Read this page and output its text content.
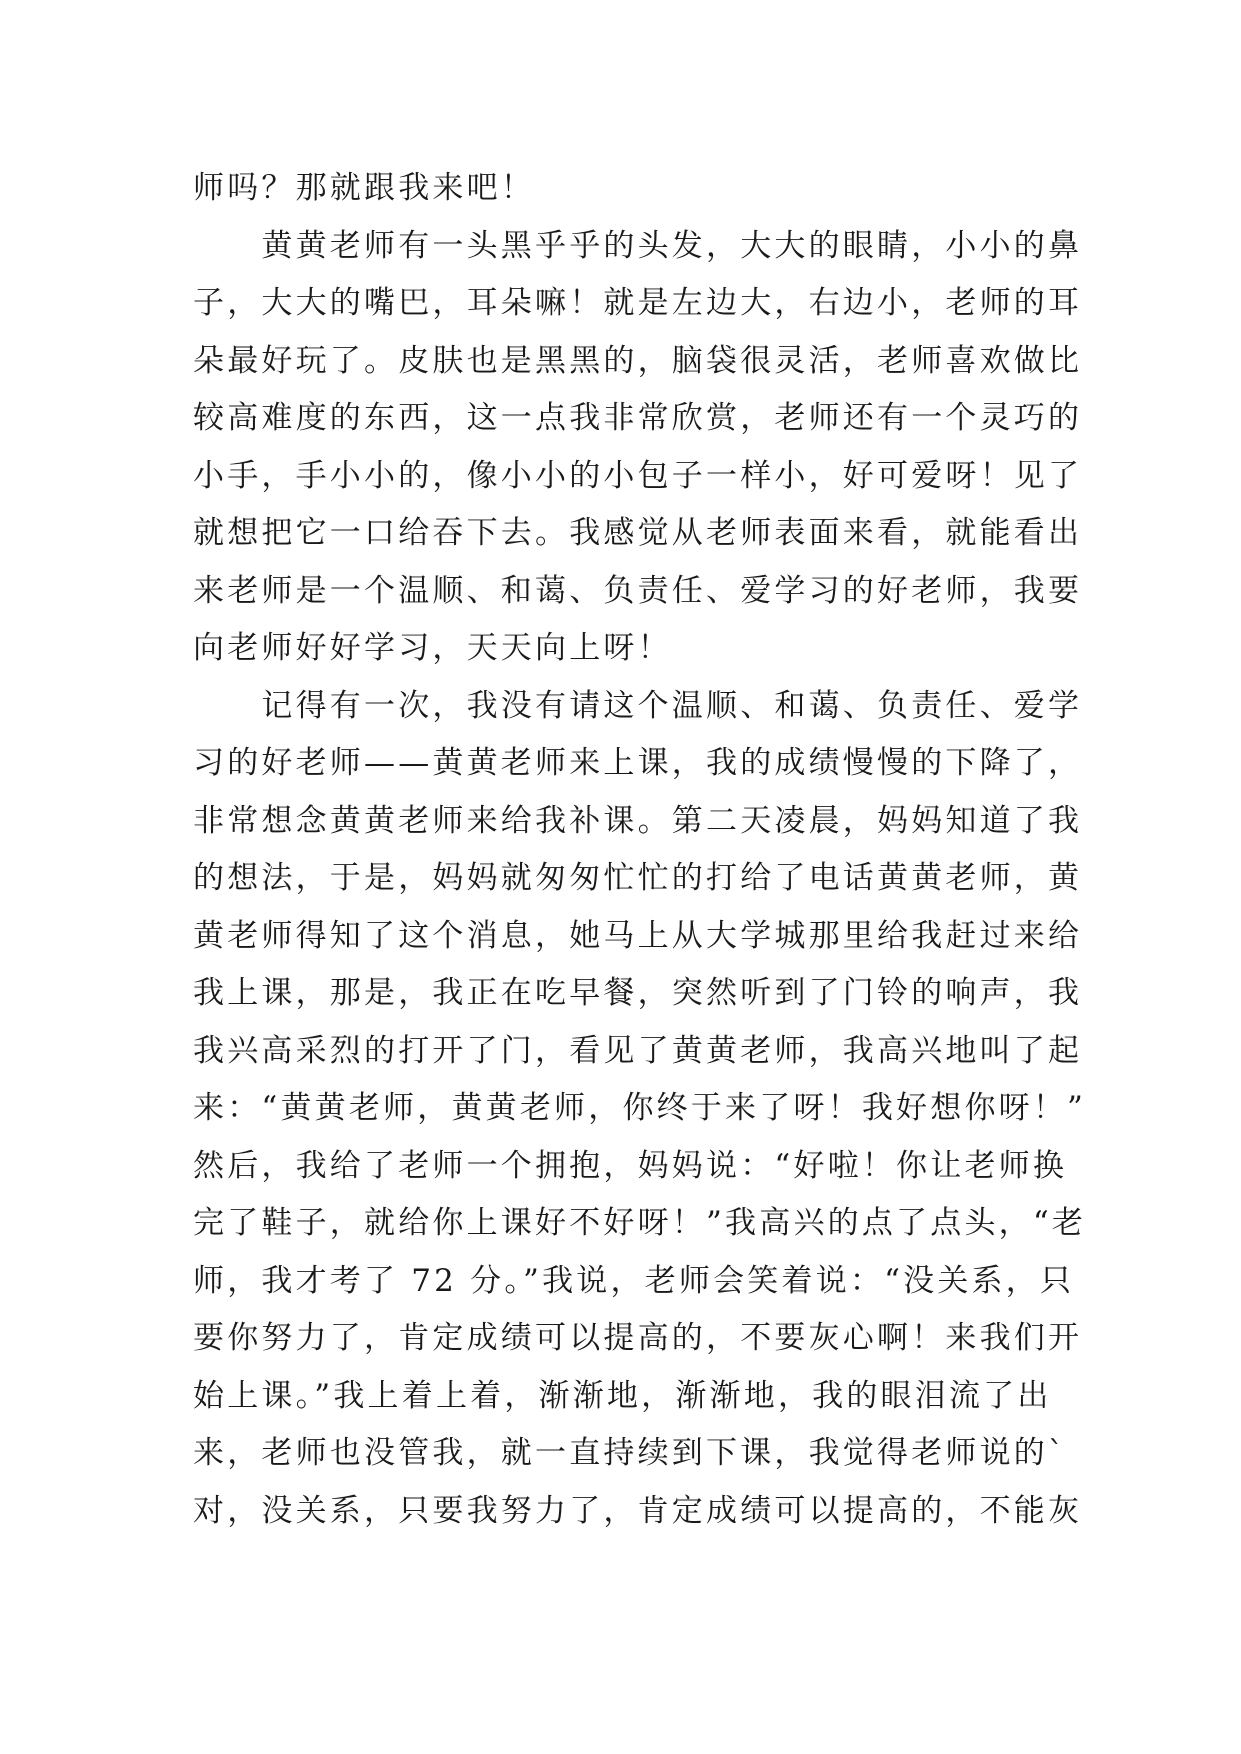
师吗？那就跟我来吧！
　　黄黄老师有一头黑乎乎的头发，大大的眼睛，小小的鼻
子，大大的嘴巴，耳朵嘛！就是左边大，右边小，老师的耳
朵最好玩了。皮肤也是黑黑的，脑袋很灵活，老师喜欢做比
较高难度的东西，这一点我非常欣赏，老师还有一个灵巧的
小手，手小小的，像小小的小包子一样小，好可爱呀！见了
就想把它一口给吞下去。我感觉从老师表面来看，就能看出
来老师是一个温顺、和蔼、负责任、爱学习的好老师，我要
向老师好好学习，天天向上呀！
　　记得有一次，我没有请这个温顺、和蔼、负责任、爱学
习的好老师——黄黄老师来上课，我的成绩慢慢的下降了，
非常想念黄黄老师来给我补课。第二天凌晨，妈妈知道了我
的想法，于是，妈妈就匆匆忙忙的打给了电话黄黄老师，黄
黄老师得知了这个消息，她马上从大学城那里给我赶过来给
我上课，那是，我正在吃早餐，突然听到了门铃的响声，我
我兴高采烈的打开了门，看见了黄黄老师，我高兴地叫了起
来：“黄黄老师，黄黄老师，你终于来了呀！我好想你呀！”
然后，我给了老师一个拥抱，妈妈说：“好啦！你让老师换
完了鞋子，就给你上课好不好呀！”我高兴的点了点头，“老
师，我才考了 72 分。”我说，老师会笑着说：“没关系，只
要你努力了，肯定成绩可以提高的，不要灰心啊！来我们开
始上课。”我上着上着，渐渐地，渐渐地，我的眼泪流了出
来，老师也没管我，就一直持续到下课，我觉得老师说的`
对，没关系，只要我努力了，肯定成绩可以提高的，不能灰
